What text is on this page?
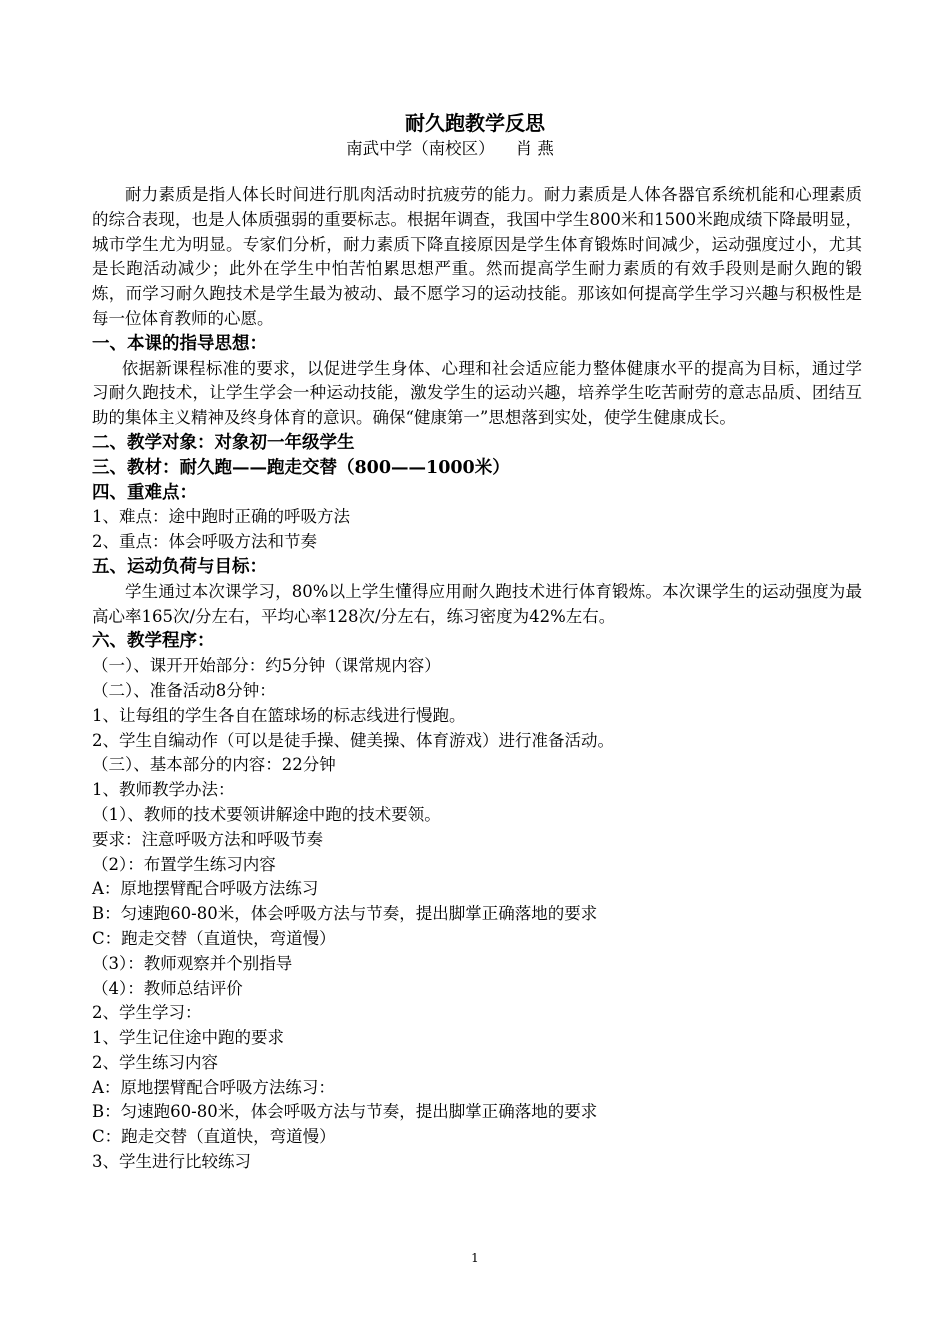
耐久跑教学反思
南武中学（南校区）    肖 燕

耐力素质是指人体长时间进行肌肉活动时抗疲劳的能力。耐力素质是人体各器官系统机能和心理素质的综合表现，也是人体质强弱的重要标志。根据年调查，我国中学生800米和1500米跑成绩下降最明显，城市学生尤为明显。专家们分析，耐力素质下降直接原因是学生体育锻炼时间减少，运动强度过小，尤其是长跑活动减少；此外在学生中怕苦怕累思想严重。然而提高学生耐力素质的有效手段则是耐久跑的锻炼，而学习耐久跑技术是学生最为被动、最不愿学习的运动技能。那该如何提高学生学习兴趣与积极性是每一位体育教师的心愿。

一、本课的指导思想：

依据新课程标准的要求，以促进学生身体、心理和社会适应能力整体健康水平的提高为目标，通过学习耐久跑技术，让学生学会一种运动技能，激发学生的运动兴趣，培养学生吃苦耐劳的意志品质、团结互助的集体主义精神及终身体育的意识。确保“健康第一”思想落到实处，使学生健康成长。

二、教学对象：对象初一年级学生

三、教材：耐久跑——跑走交替（800——1000米）

四、重难点：

1、难点：途中跑时正确的呼吸方法

2、重点：体会呼吸方法和节奏

五、运动负荷与目标：

学生通过本次课学习，80%以上学生懂得应用耐久跑技术进行体育锻炼。本次课学生的运动强度为最高心率165次/分左右，平均心率128次/分左右，练习密度为42%左右。

六、教学程序：

（一）、课开开始部分：约5分钟（课常规内容）

（二）、准备活动8分钟：

1、让每组的学生各自在篮球场的标志线进行慢跑。

2、学生自编动作（可以是徒手操、健美操、体育游戏）进行准备活动。

（三）、基本部分的内容：22分钟

1、教师教学办法：

（1）、教师的技术要领讲解途中跑的技术要领。

要求：注意呼吸方法和呼吸节奏

（2）：布置学生练习内容

A：原地摆臂配合呼吸方法练习

B：匀速跑60-80米，体会呼吸方法与节奏，提出脚掌正确落地的要求

C：跑走交替（直道快，弯道慢）

（3）：教师观察并个别指导

（4）：教师总结评价

2、学生学习：

1、学生记住途中跑的要求

2、学生练习内容

A：原地摆臂配合呼吸方法练习：

B：匀速跑60-80米，体会呼吸方法与节奏，提出脚掌正确落地的要求

C：跑走交替（直道快，弯道慢）

3、学生进行比较练习

1
